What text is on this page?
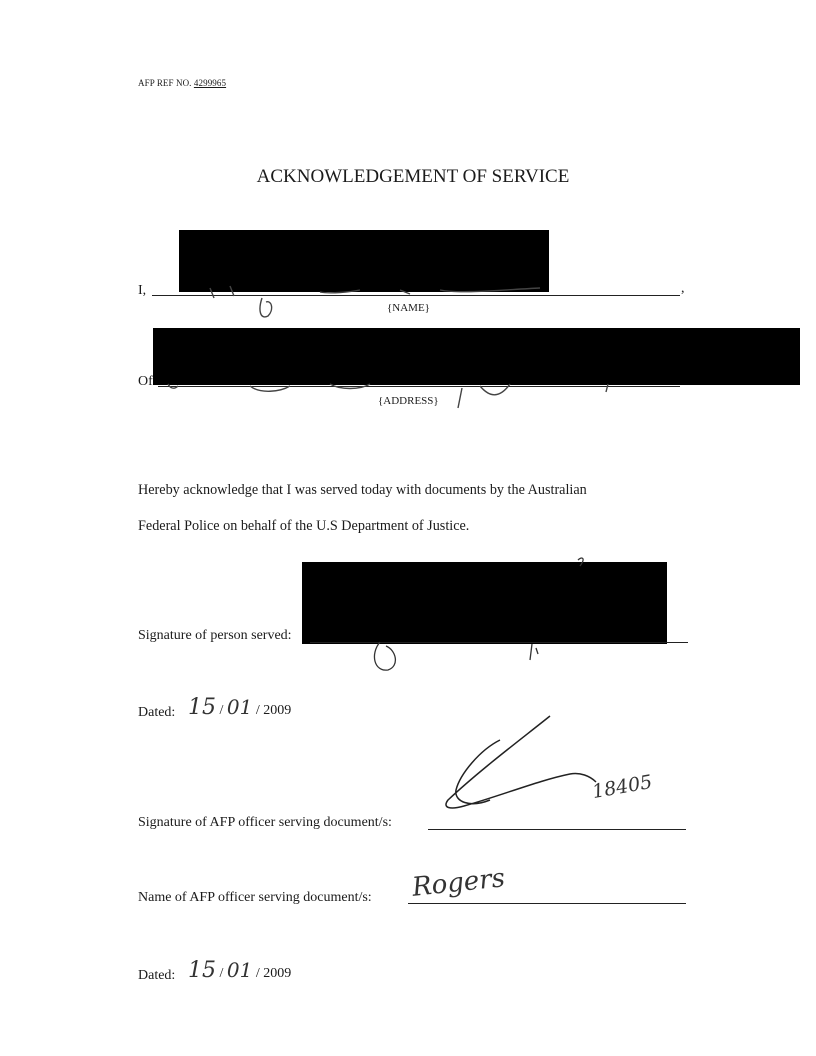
AFP REF NO. 4299965
ACKNOWLEDGEMENT OF SERVICE
I,	,
{NAME}
Of
{ADDRESS}
Hereby acknowledge that I was served today with documents by the Australian
Federal Police on behalf of the U.S Department of Justice.
Signature of person served:
Dated: 15 / 01 / 2009
Signature of AFP officer serving document/s:
18405
Name of AFP officer serving document/s: Rogers
Dated: 15 / 01 / 2009
